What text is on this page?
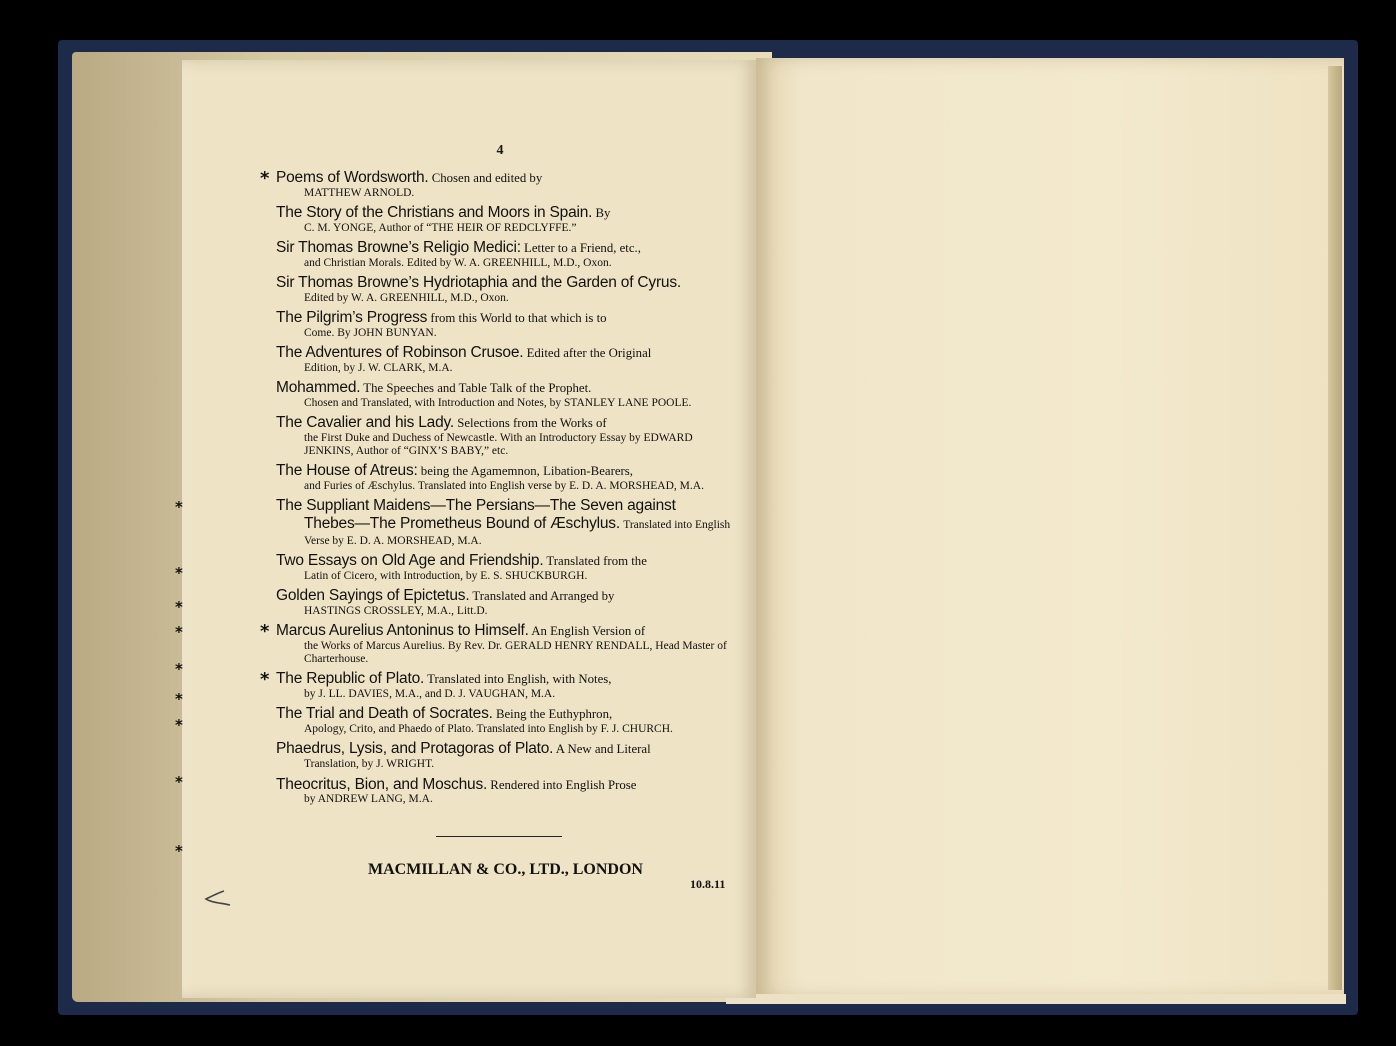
4
* Poems of Wordsworth. Chosen and edited by
MATTHEW ARNOLD.
The Story of the Christians and Moors in Spain. By
C. M. YONGE, Author of “THE HEIR OF REDCLYFFE.”
Sir Thomas Browne’s Religio Medici: Letter to a Friend, etc.,
and Christian Morals. Edited by W. A. GREENHILL, M.D., Oxon.
Sir Thomas Browne’s Hydriotaphia and the Garden of Cyrus.
Edited by W. A. GREENHILL, M.D., Oxon.
The Pilgrim’s Progress from this World to that which is to
Come. By JOHN BUNYAN.
The Adventures of Robinson Crusoe. Edited after the Original
Edition, by J. W. CLARK, M.A.
Mohammed. The Speeches and Table Talk of the Prophet.
Chosen and Translated, with Introduction and Notes, by STANLEY LANE POOLE.
The Cavalier and his Lady. Selections from the Works of
the First Duke and Duchess of Newcastle. With an Introductory Essay by EDWARD JENKINS, Author of “GINX’S BABY,” etc.
The House of Atreus: being the Agamemnon, Libation-Bearers,
and Furies of Æschylus. Translated into English verse by E. D. A. MORSHEAD, M.A.
The Suppliant Maidens—The Persians—The Seven against
Thebes—The Prometheus Bound of Æschylus. Translated into English Verse by E. D. A. MORSHEAD, M.A.
Two Essays on Old Age and Friendship. Translated from the
Latin of Cicero, with Introduction, by E. S. SHUCKBURGH.
Golden Sayings of Epictetus. Translated and Arranged by
HASTINGS CROSSLEY, M.A., Litt.D.
* Marcus Aurelius Antoninus to Himself. An English Version of
the Works of Marcus Aurelius. By Rev. Dr. GERALD HENRY RENDALL, Head Master of Charterhouse.
* The Republic of Plato. Translated into English, with Notes,
by J. LL. DAVIES, M.A., and D. J. VAUGHAN, M.A.
The Trial and Death of Socrates. Being the Euthyphron,
Apology, Crito, and Phaedo of Plato. Translated into English by F. J. CHURCH.
Phaedrus, Lysis, and Protagoras of Plato. A New and Literal
Translation, by J. WRIGHT.
Theocritus, Bion, and Moschus. Rendered into English Prose
by ANDREW LANG, M.A.
*
*
*
*
*
*
*
*
*
MACMILLAN & CO., LTD., LONDON
10.8.11
